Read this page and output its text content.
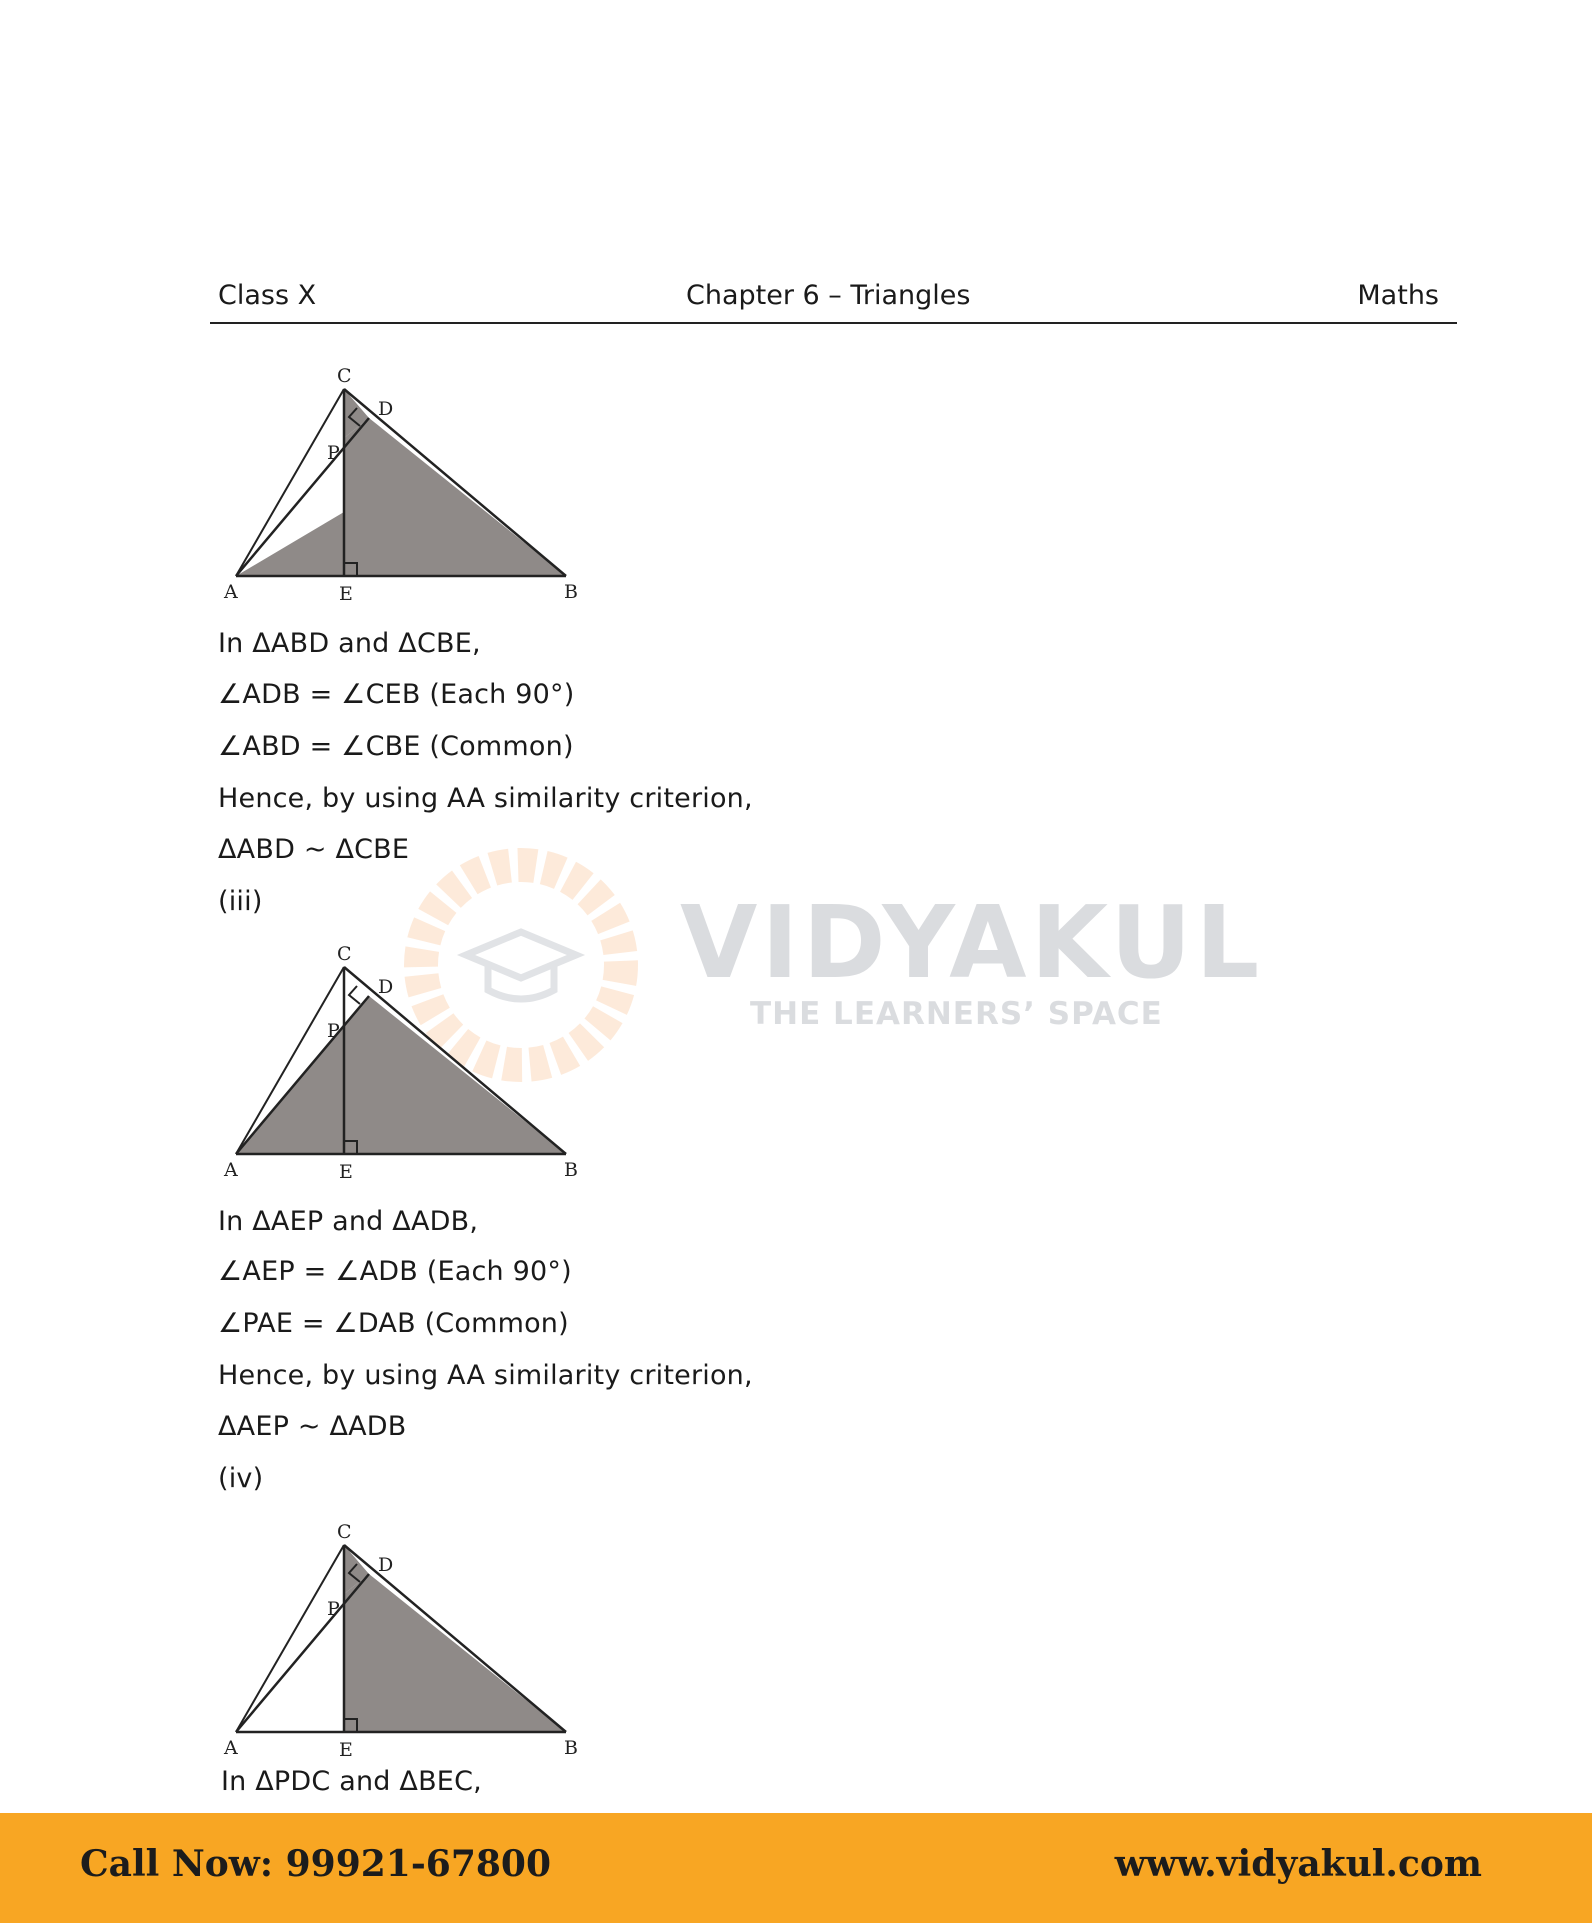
VIDYAKUL
THE LEARNERS’ SPACE
Class X	Chapter 6 – Triangles	Maths
C
D
P
A	E	B
In ΔABD and ΔCBE,
∠ADB = ∠CEB (Each 90°)
∠ABD = ∠CBE (Common)
Hence, by using AA similarity criterion,
ΔABD ~ ΔCBE
(iii)
C
D
P
A	E	B
In ΔAEP and ΔADB,
∠AEP = ∠ADB (Each 90°)
∠PAE = ∠DAB (Common)
Hence, by using AA similarity criterion,
ΔAEP ~ ΔADB
(iv)
C
D
P
A	E	B
In ΔPDC and ΔBEC,
Call Now: 99921-67800	www.vidyakul.com
